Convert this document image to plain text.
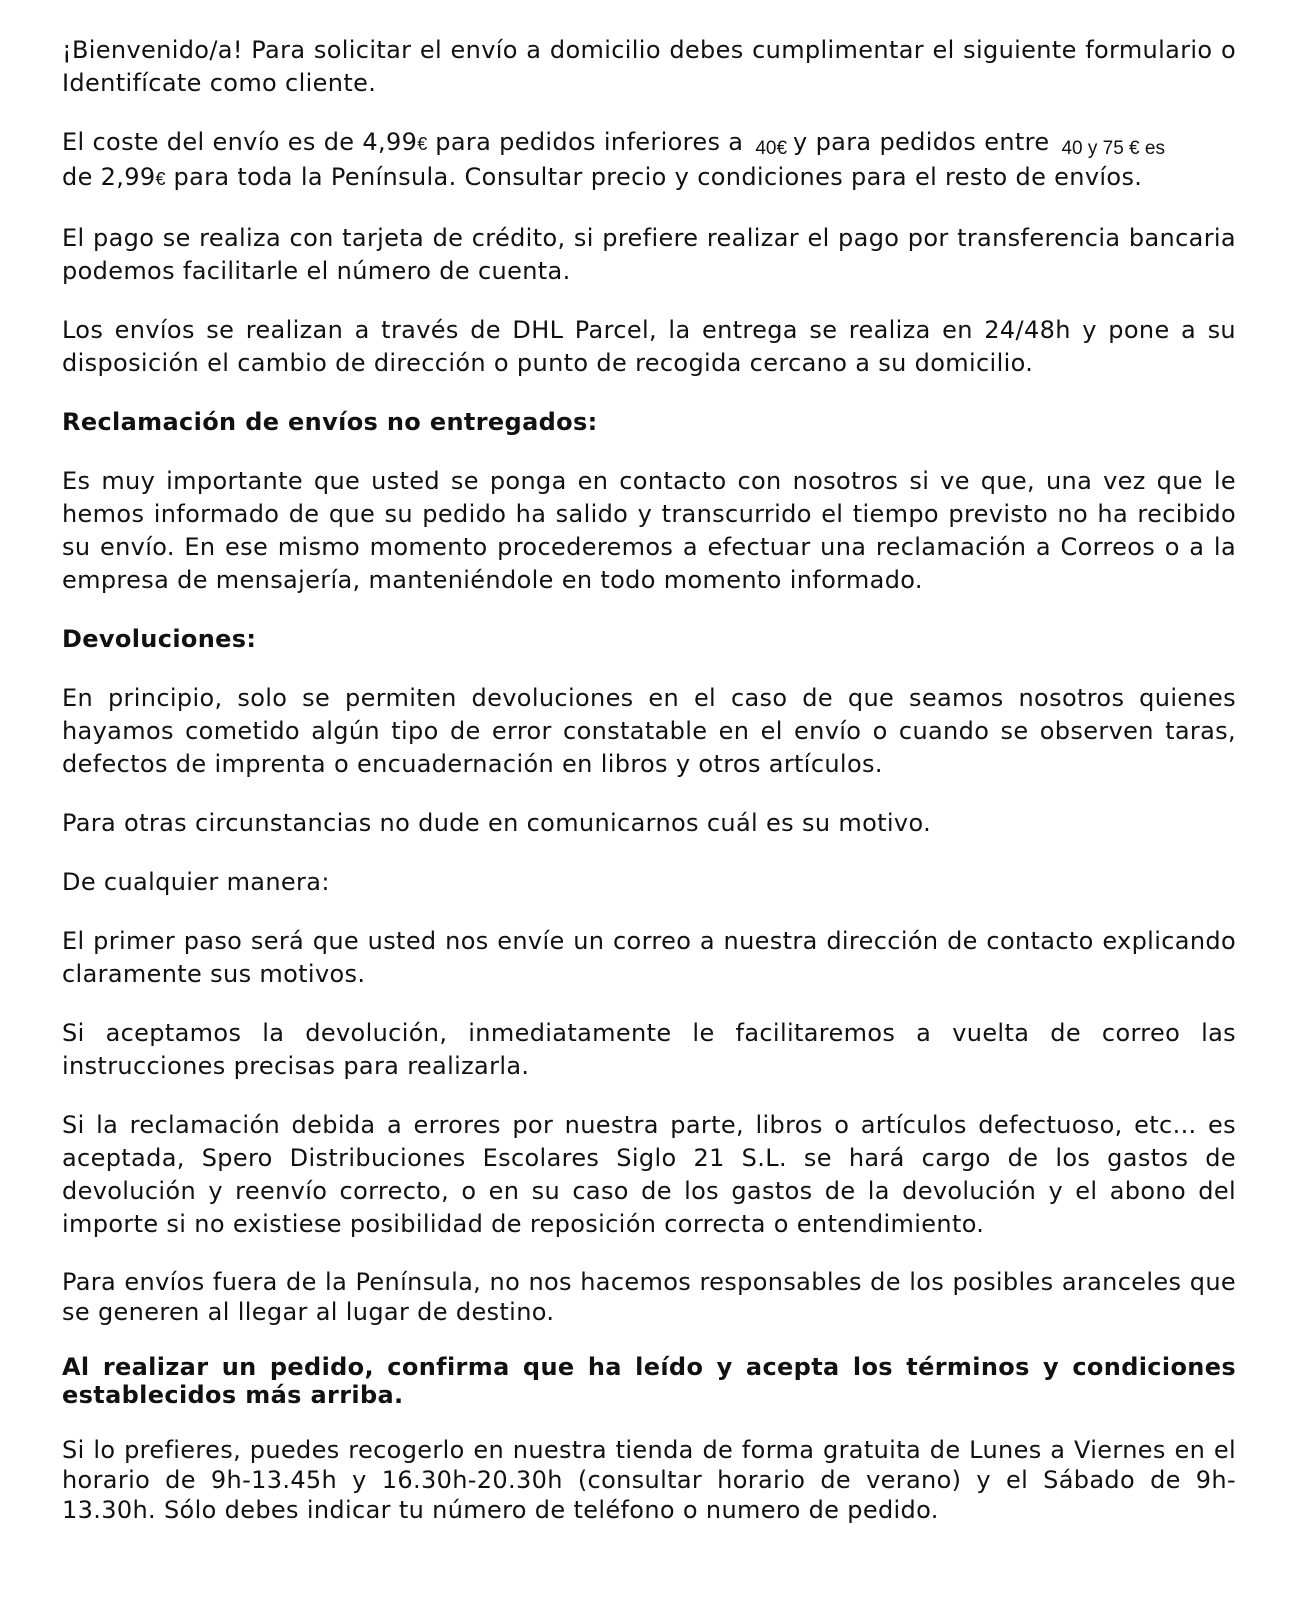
¡Bienvenido/a! Para solicitar el envío a domicilio debes cumplimentar el siguiente formulario o Identifícate como cliente.

El coste del envío es de 4,99€ para pedidos inferiores a 40€ y para pedidos entre 40 y 75 € es
de 2,99€ para toda la Península. Consultar precio y condiciones para el resto de envíos.

El pago se realiza con tarjeta de crédito, si prefiere realizar el pago por transferencia bancaria podemos facilitarle el número de cuenta.

Los envíos se realizan a través de DHL Parcel, la entrega se realiza en 24/48h y pone a su disposición el cambio de dirección o punto de recogida cercano a su domicilio.

Reclamación de envíos no entregados:

Es muy importante que usted se ponga en contacto con nosotros si ve que, una vez que le hemos informado de que su pedido ha salido y transcurrido el tiempo previsto no ha recibido su envío. En ese mismo momento procederemos a efectuar una reclamación a Correos o a la empresa de mensajería, manteniéndole en todo momento informado.

Devoluciones:

En principio, solo se permiten devoluciones en el caso de que seamos nosotros quienes hayamos cometido algún tipo de error constatable en el envío o cuando se observen taras, defectos de imprenta o encuadernación en libros y otros artículos.

Para otras circunstancias no dude en comunicarnos cuál es su motivo.

De cualquier manera:

El primer paso será que usted nos envíe un correo a nuestra dirección de contacto explicando claramente sus motivos.

Si aceptamos la devolución, inmediatamente le facilitaremos a vuelta de correo las instrucciones precisas para realizarla.

Si la reclamación debida a errores por nuestra parte, libros o artículos defectuoso, etc... es aceptada, Spero Distribuciones Escolares Siglo 21 S.L. se hará cargo de los gastos de devolución y reenvío correcto, o en su caso de los gastos de la devolución y el abono del importe si no existiese posibilidad de reposición correcta o entendimiento.

Para envíos fuera de la Península, no nos hacemos responsables de los posibles aranceles que se generen al llegar al lugar de destino.

Al realizar un pedido, confirma que ha leído y acepta los términos y condiciones establecidos más arriba.

Si lo prefieres, puedes recogerlo en nuestra tienda de forma gratuita de Lunes a Viernes en el horario de 9h-13.45h y 16.30h-20.30h (consultar horario de verano) y el Sábado de 9h-13.30h. Sólo debes indicar tu número de teléfono o numero de pedido.
